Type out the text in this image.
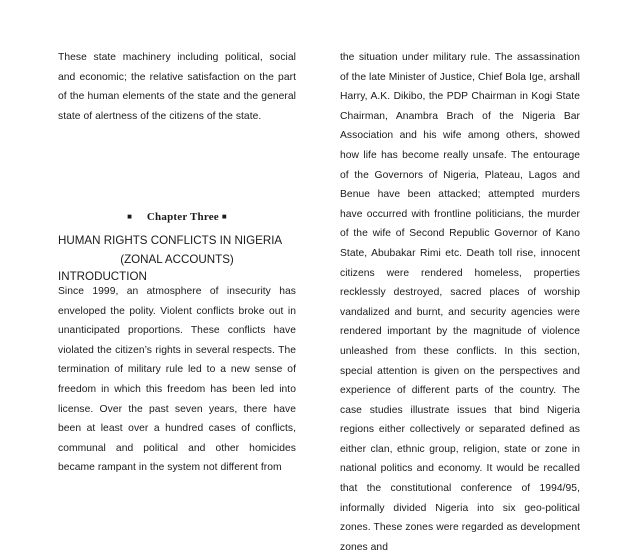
These state machinery including political, social and economic; the relative satisfaction on the part of the human elements of the state and the general state of alertness of the citizens of the state.

■ Chapter Three ■
HUMAN RIGHTS CONFLICTS IN NIGERIA
(ZONAL ACCOUNTS)
INTRODUCTION

Since 1999, an atmosphere of insecurity has enveloped the polity. Violent conflicts broke out in unanticipated proportions. These conflicts have violated the citizen’s rights in several respects. The termination of military rule led to a new sense of freedom in which this freedom has been led into license. Over the past seven years, there have been at least over a hundred cases of conflicts, communal and political and other homicides became rampant in the system not different from

the situation under military rule. The assassination of the late Minister of Justice, Chief Bola Ige, arshall Harry, A.K. Dikibo, the PDP Chairman in Kogi State Chairman, Anambra Brach of the Nigeria Bar Association and his wife among others, showed how life has become really unsafe. The entourage of the Governors of Nigeria, Plateau, Lagos and Benue have been attacked; attempted murders have occurred with frontline politicians, the murder of the wife of Second Republic Governor of Kano State, Abubakar Rimi etc. Death toll rise, innocent citizens were rendered homeless, properties recklessly destroyed, sacred places of worship vandalized and burnt, and security agencies were rendered important by the magnitude of violence unleashed from these conflicts. In this section, special attention is given on the perspectives and experience of different parts of the country. The case studies illustrate issues that bind Nigeria regions either collectively or separated defined as either clan, ethnic group, religion, state or zone in national politics and economy. It would be recalled that the constitutional conference of 1994/95, informally divided Nigeria into six geo-political zones. These zones were regarded as development zones and
